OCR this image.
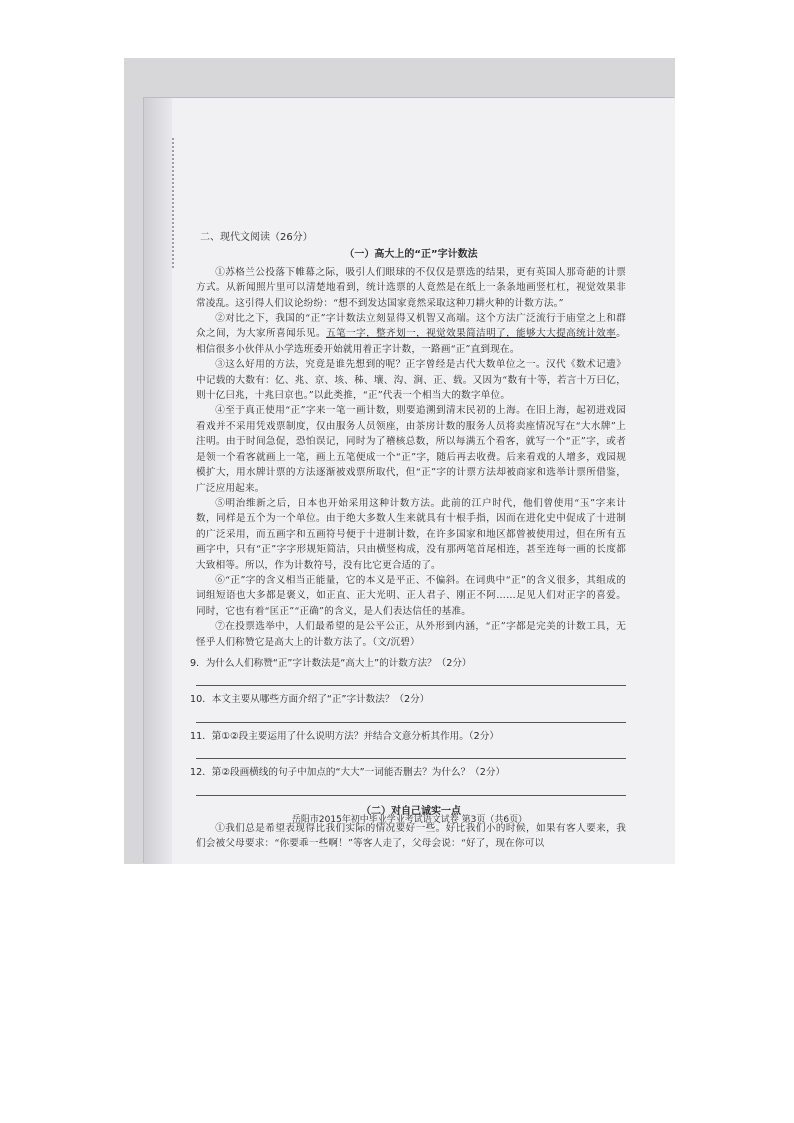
二、现代文阅读（26分）
（一）高大上的“正”字计数法

①苏格兰公投落下帷幕之际，吸引人们眼球的不仅仅是票选的结果，更有英国人那奇葩的计票方式。从新闻照片里可以清楚地看到，统计选票的人竟然是在纸上一条条地画竖杠杠，视觉效果非常凌乱。这引得人们议论纷纷：“想不到发达国家竟然采取这种刀耕火种的计数方法。”

②对比之下，我国的“正”字计数法立刻显得又机智又高端。这个方法广泛流行于庙堂之上和群众之间，为大家所喜闻乐见。五笔一字，整齐划一，视觉效果简洁明了，能够大大提高统计效率。相信很多小伙伴从小学选班委开始就用着正字计数，一路画“正”直到现在。

③这么好用的方法，究竟是谁先想到的呢？正字曾经是古代大数单位之一。汉代《数术记遗》中记载的大数有：亿、兆、京、垓、秭、壤、沟、涧、正、载。又因为“数有十等，若言十万曰亿，则十亿曰兆，十兆曰京也。”以此类推，“正”代表一个相当大的数字单位。

④至于真正使用“正”字来一笔一画计数，则要追溯到清末民初的上海。在旧上海，起初进戏园看戏并不采用凭戏票制度，仅由服务人员领座，由茶房计数的服务人员将卖座情况写在“大水牌”上注明。由于时间急促，恐怕误记，同时为了稽核总数，所以每满五个看客，就写一个“正”字，或者是领一个看客就画上一笔，画上五笔便成一个“正”字，随后再去收费。后来看戏的人增多，戏园规模扩大，用水牌计票的方法逐渐被戏票所取代，但“正”字的计票方法却被商家和选举计票所借鉴，广泛应用起来。

⑤明治维新之后，日本也开始采用这种计数方法。此前的江户时代，他们曾使用“玉”字来计数，同样是五个为一个单位。由于绝大多数人生来就具有十根手指，因而在进化史中促成了十进制的广泛采用，而五画字和五画符号便于十进制计数，在许多国家和地区都曾被使用过，但在所有五画字中，只有“正”字字形规矩简洁，只由横竖构成，没有那两笔首尾相连，甚至连每一画的长度都大致相等。所以，作为计数符号，没有比它更合适的了。

⑥“正”字的含义相当正能量，它的本义是平正、不偏斜。在词典中“正”的含义很多，其组成的词组短语也大多都是褒义，如正直、正大光明、正人君子、刚正不阿……足见人们对正字的喜爱。同时，它也有着“匡正”“正确”的含义，是人们表达信任的基准。

⑦在投票选举中，人们最希望的是公平公正，从外形到内涵，“正”字都是完美的计数工具，无怪乎人们称赞它是高大上的计数方法了。（文/沉碧）

9．为什么人们称赞“正”字计数法是“高大上”的计数方法？（2分）
10．本文主要从哪些方面介绍了“正”字计数法？（2分）
11．第①②段主要运用了什么说明方法？并结合文意分析其作用。（2分）
12．第②段画横线的句子中加点的“大大”一词能否删去？为什么？（2分）
（二）对自己诚实一点

①我们总是希望表现得比我们实际的情况要好一些。好比我们小的时候，如果有客人要来，我们会被父母要求：“你要乖一些啊！”等客人走了，父母会说：“好了，现在你可以

岳阳市2015年初中毕业学业考试语文试卷 第3页（共6页）
